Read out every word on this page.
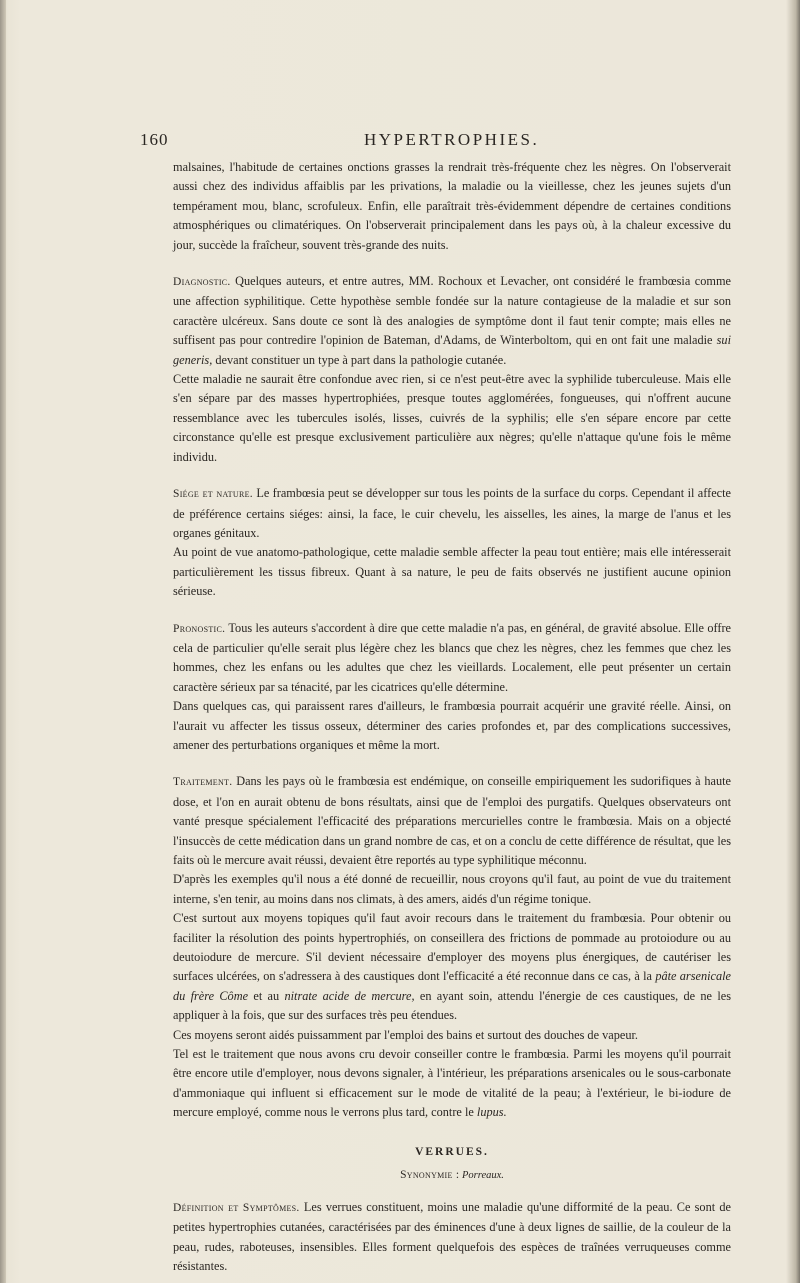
160	HYPERTROPHIES.

malsaines, l'habitude de certaines onctions grasses la rendrait très-fréquente chez les nègres. On l'observerait aussi chez des individus affaiblis par les privations, la maladie ou la vieillesse, chez les jeunes sujets d'un tempérament mou, blanc, scrofuleux. Enfin, elle paraîtrait très-évidemment dépendre de certaines conditions atmosphériques ou climatériques. On l'observerait principalement dans les pays où, à la chaleur excessive du jour, succède la fraîcheur, souvent très-grande des nuits.

Diagnostic. Quelques auteurs, et entre autres, MM. Rochoux et Levacher, ont considéré le frambœsia comme une affection syphilitique. Cette hypothèse semble fondée sur la nature contagieuse de la maladie et sur son caractère ulcéreux. Sans doute ce sont là des analogies de symptôme dont il faut tenir compte; mais elles ne suffisent pas pour contredire l'opinion de Bateman, d'Adams, de Winterboltom, qui en ont fait une maladie sui generis, devant constituer un type à part dans la pathologie cutanée.

Cette maladie ne saurait être confondue avec rien, si ce n'est peut-être avec la syphilide tuberculeuse. Mais elle s'en sépare par des masses hypertrophiées, presque toutes agglomérées, fongueuses, qui n'offrent aucune ressemblance avec les tubercules isolés, lisses, cuivrés de la syphilis; elle s'en sépare encore par cette circonstance qu'elle est presque exclusivement particulière aux nègres; qu'elle n'attaque qu'une fois le même individu.

Siége et nature. Le frambœsia peut se développer sur tous les points de la surface du corps. Cependant il affecte de préférence certains siéges: ainsi, la face, le cuir chevelu, les aisselles, les aines, la marge de l'anus et les organes génitaux.

Au point de vue anatomo-pathologique, cette maladie semble affecter la peau tout entière; mais elle intéresserait particulièrement les tissus fibreux. Quant à sa nature, le peu de faits observés ne justifient aucune opinion sérieuse.

Pronostic. Tous les auteurs s'accordent à dire que cette maladie n'a pas, en général, de gravité absolue. Elle offre cela de particulier qu'elle serait plus légère chez les blancs que chez les nègres, chez les femmes que chez les hommes, chez les enfans ou les adultes que chez les vieillards. Localement, elle peut présenter un certain caractère sérieux par sa ténacité, par les cicatrices qu'elle détermine.

Dans quelques cas, qui paraissent rares d'ailleurs, le frambœsia pourrait acquérir une gravité réelle. Ainsi, on l'aurait vu affecter les tissus osseux, déterminer des caries profondes et, par des complications successives, amener des perturbations organiques et même la mort.

Traitement. Dans les pays où le frambœsia est endémique, on conseille empiriquement les sudorifiques à haute dose, et l'on en aurait obtenu de bons résultats, ainsi que de l'emploi des purgatifs. Quelques observateurs ont vanté presque spécialement l'efficacité des préparations mercurielles contre le frambœsia. Mais on a objecté l'insuccès de cette médication dans un grand nombre de cas, et on a conclu de cette différence de résultat, que les faits où le mercure avait réussi, devaient être reportés au type syphilitique méconnu.

D'après les exemples qu'il nous a été donné de recueillir, nous croyons qu'il faut, au point de vue du traitement interne, s'en tenir, au moins dans nos climats, à des amers, aidés d'un régime tonique.

C'est surtout aux moyens topiques qu'il faut avoir recours dans le traitement du frambœsia. Pour obtenir ou faciliter la résolution des points hypertrophiés, on conseillera des frictions de pommade au protoiodure ou au deutoiodure de mercure. S'il devient nécessaire d'employer des moyens plus énergiques, de cautériser les surfaces ulcérées, on s'adressera à des caustiques dont l'efficacité a été reconnue dans ce cas, à la pâte arsenicale du frère Côme et au nitrate acide de mercure, en ayant soin, attendu l'énergie de ces caustiques, de ne les appliquer à la fois, que sur des surfaces très peu étendues.

Ces moyens seront aidés puissamment par l'emploi des bains et surtout des douches de vapeur.

Tel est le traitement que nous avons cru devoir conseiller contre le frambœsia. Parmi les moyens qu'il pourrait être encore utile d'employer, nous devons signaler, à l'intérieur, les préparations arsenicales ou le sous-carbonate d'ammoniaque qui influent si efficacement sur le mode de vitalité de la peau; à l'extérieur, le bi-iodure de mercure employé, comme nous le verrons plus tard, contre le lupus.

VERRUES.
Synonymie : Porreaux.

Définition et Symptômes. Les verrues constituent, moins une maladie qu'une difformité de la peau. Ce sont de petites hypertrophies cutanées, caractérisées par des éminences d'une à deux lignes de saillie, de la couleur de la peau, rudes, raboteuses, insensibles. Elles forment quelquefois des espèces de traînées verruqueuses comme résistantes.
